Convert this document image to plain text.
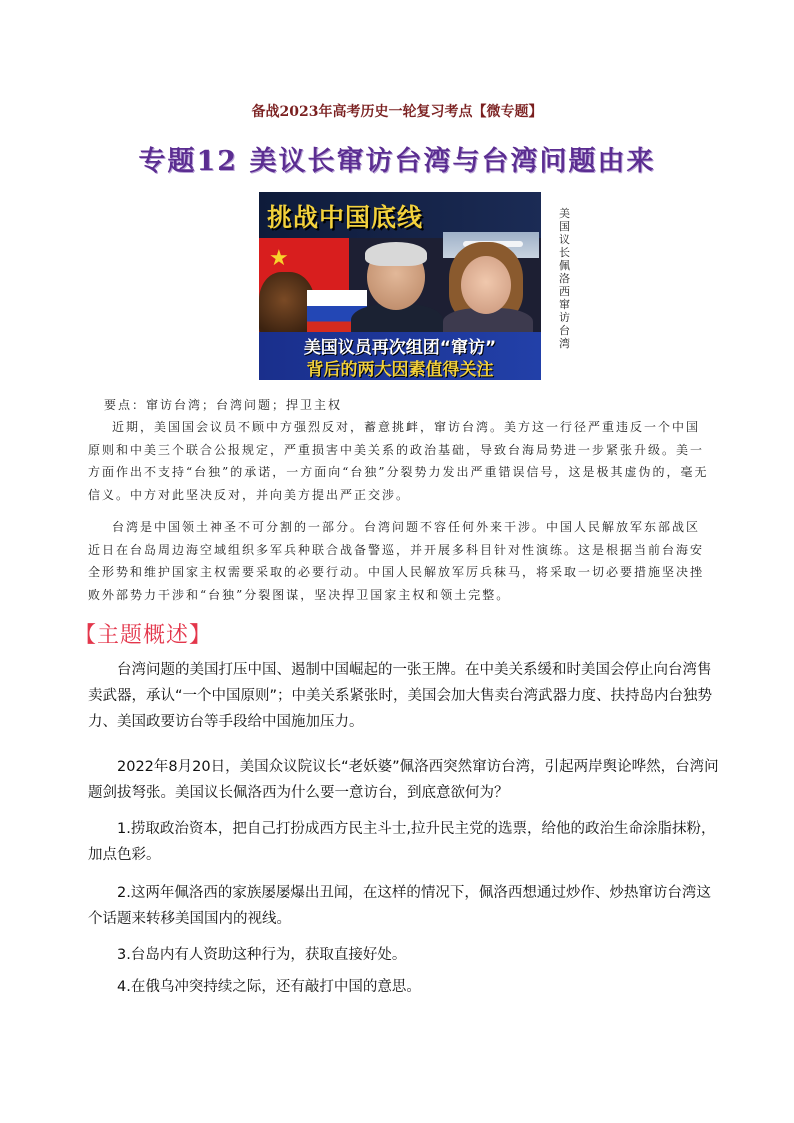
备战2023年高考历史一轮复习考点【微专题】
专题12 美议长窜访台湾与台湾问题由来
挑战中国底线
★
美国议员再次组团“窜访”
背后的两大因素值得关注
美国议长佩洛西窜访台湾
要点：窜访台湾；台湾问题；捍卫主权
近期，美国国会议员不顾中方强烈反对，蓄意挑衅，窜访台湾。美方这一行径严重违反一个中国原则和中美三个联合公报规定，严重损害中美关系的政治基础，导致台海局势进一步紧张升级。美一方面作出不支持“台独”的承诺，一方面向“台独”分裂势力发出严重错误信号，这是极其虚伪的，毫无信义。中方对此坚决反对，并向美方提出严正交涉。
台湾是中国领土神圣不可分割的一部分。台湾问题不容任何外来干涉。中国人民解放军东部战区近日在台岛周边海空域组织多军兵种联合战备警巡，并开展多科目针对性演练。这是根据当前台海安全形势和维护国家主权需要采取的必要行动。中国人民解放军厉兵秣马，将采取一切必要措施坚决挫败外部势力干涉和“台独”分裂图谋，坚决捍卫国家主权和领土完整。
【主题概述】
台湾问题的美国打压中国、遏制中国崛起的一张王牌。在中美关系缓和时美国会停止向台湾售卖武器，承认“一个中国原则”；中美关系紧张时，美国会加大售卖台湾武器力度、扶持岛内台独势力、美国政要访台等手段给中国施加压力。
2022年8月20日，美国众议院议长“老妖婆”佩洛西突然窜访台湾，引起两岸舆论哗然，台湾问题剑拔弩张。美国议长佩洛西为什么要一意访台，到底意欲何为？
1.捞取政治资本，把自己打扮成西方民主斗士,拉升民主党的选票，给他的政治生命涂脂抹粉，加点色彩。
2.这两年佩洛西的家族屡屡爆出丑闻，在这样的情况下，佩洛西想通过炒作、炒热窜访台湾这个话题来转移美国国内的视线。
3.台岛内有人资助这种行为，获取直接好处。
4.在俄乌冲突持续之际，还有敲打中国的意思。
